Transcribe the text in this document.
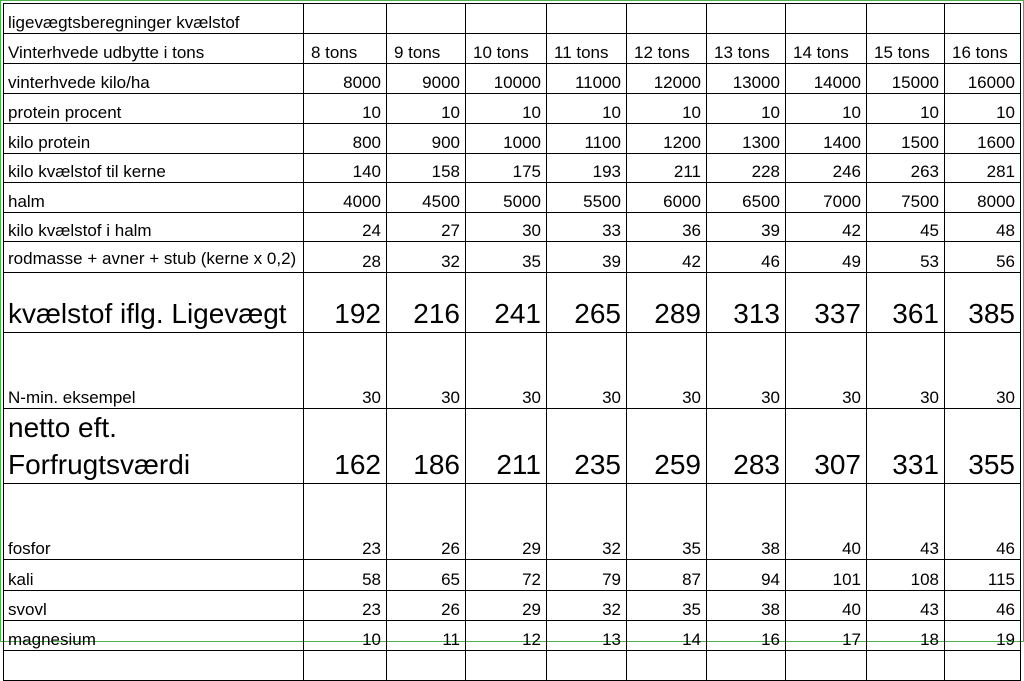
ligevægtsberegninger kvælstof									
Vinterhvede udbytte i tons	8 tons	9 tons	10 tons	11 tons	12 tons	13 tons	14 tons	15 tons	16 tons
vinterhvede kilo/ha	8000	9000	10000	11000	12000	13000	14000	15000	16000
protein procent	10	10	10	10	10	10	10	10	10
kilo protein	800	900	1000	1100	1200	1300	1400	1500	1600
kilo kvælstof til kerne	140	158	175	193	211	228	246	263	281
halm	4000	4500	5000	5500	6000	6500	7000	7500	8000
kilo kvælstof i halm	24	27	30	33	36	39	42	45	48
rodmasse + avner + stub (kerne x 0,2)	28	32	35	39	42	46	49	53	56
kvælstof iflg. Ligevægt	192	216	241	265	289	313	337	361	385
N-min. eksempel	30	30	30	30	30	30	30	30	30
netto eft. Forfrugtsværdi	162	186	211	235	259	283	307	331	355
fosfor	23	26	29	32	35	38	40	43	46
kali	58	65	72	79	87	94	101	108	115
svovl	23	26	29	32	35	38	40	43	46
magnesium	10	11	12	13	14	16	17	18	19
